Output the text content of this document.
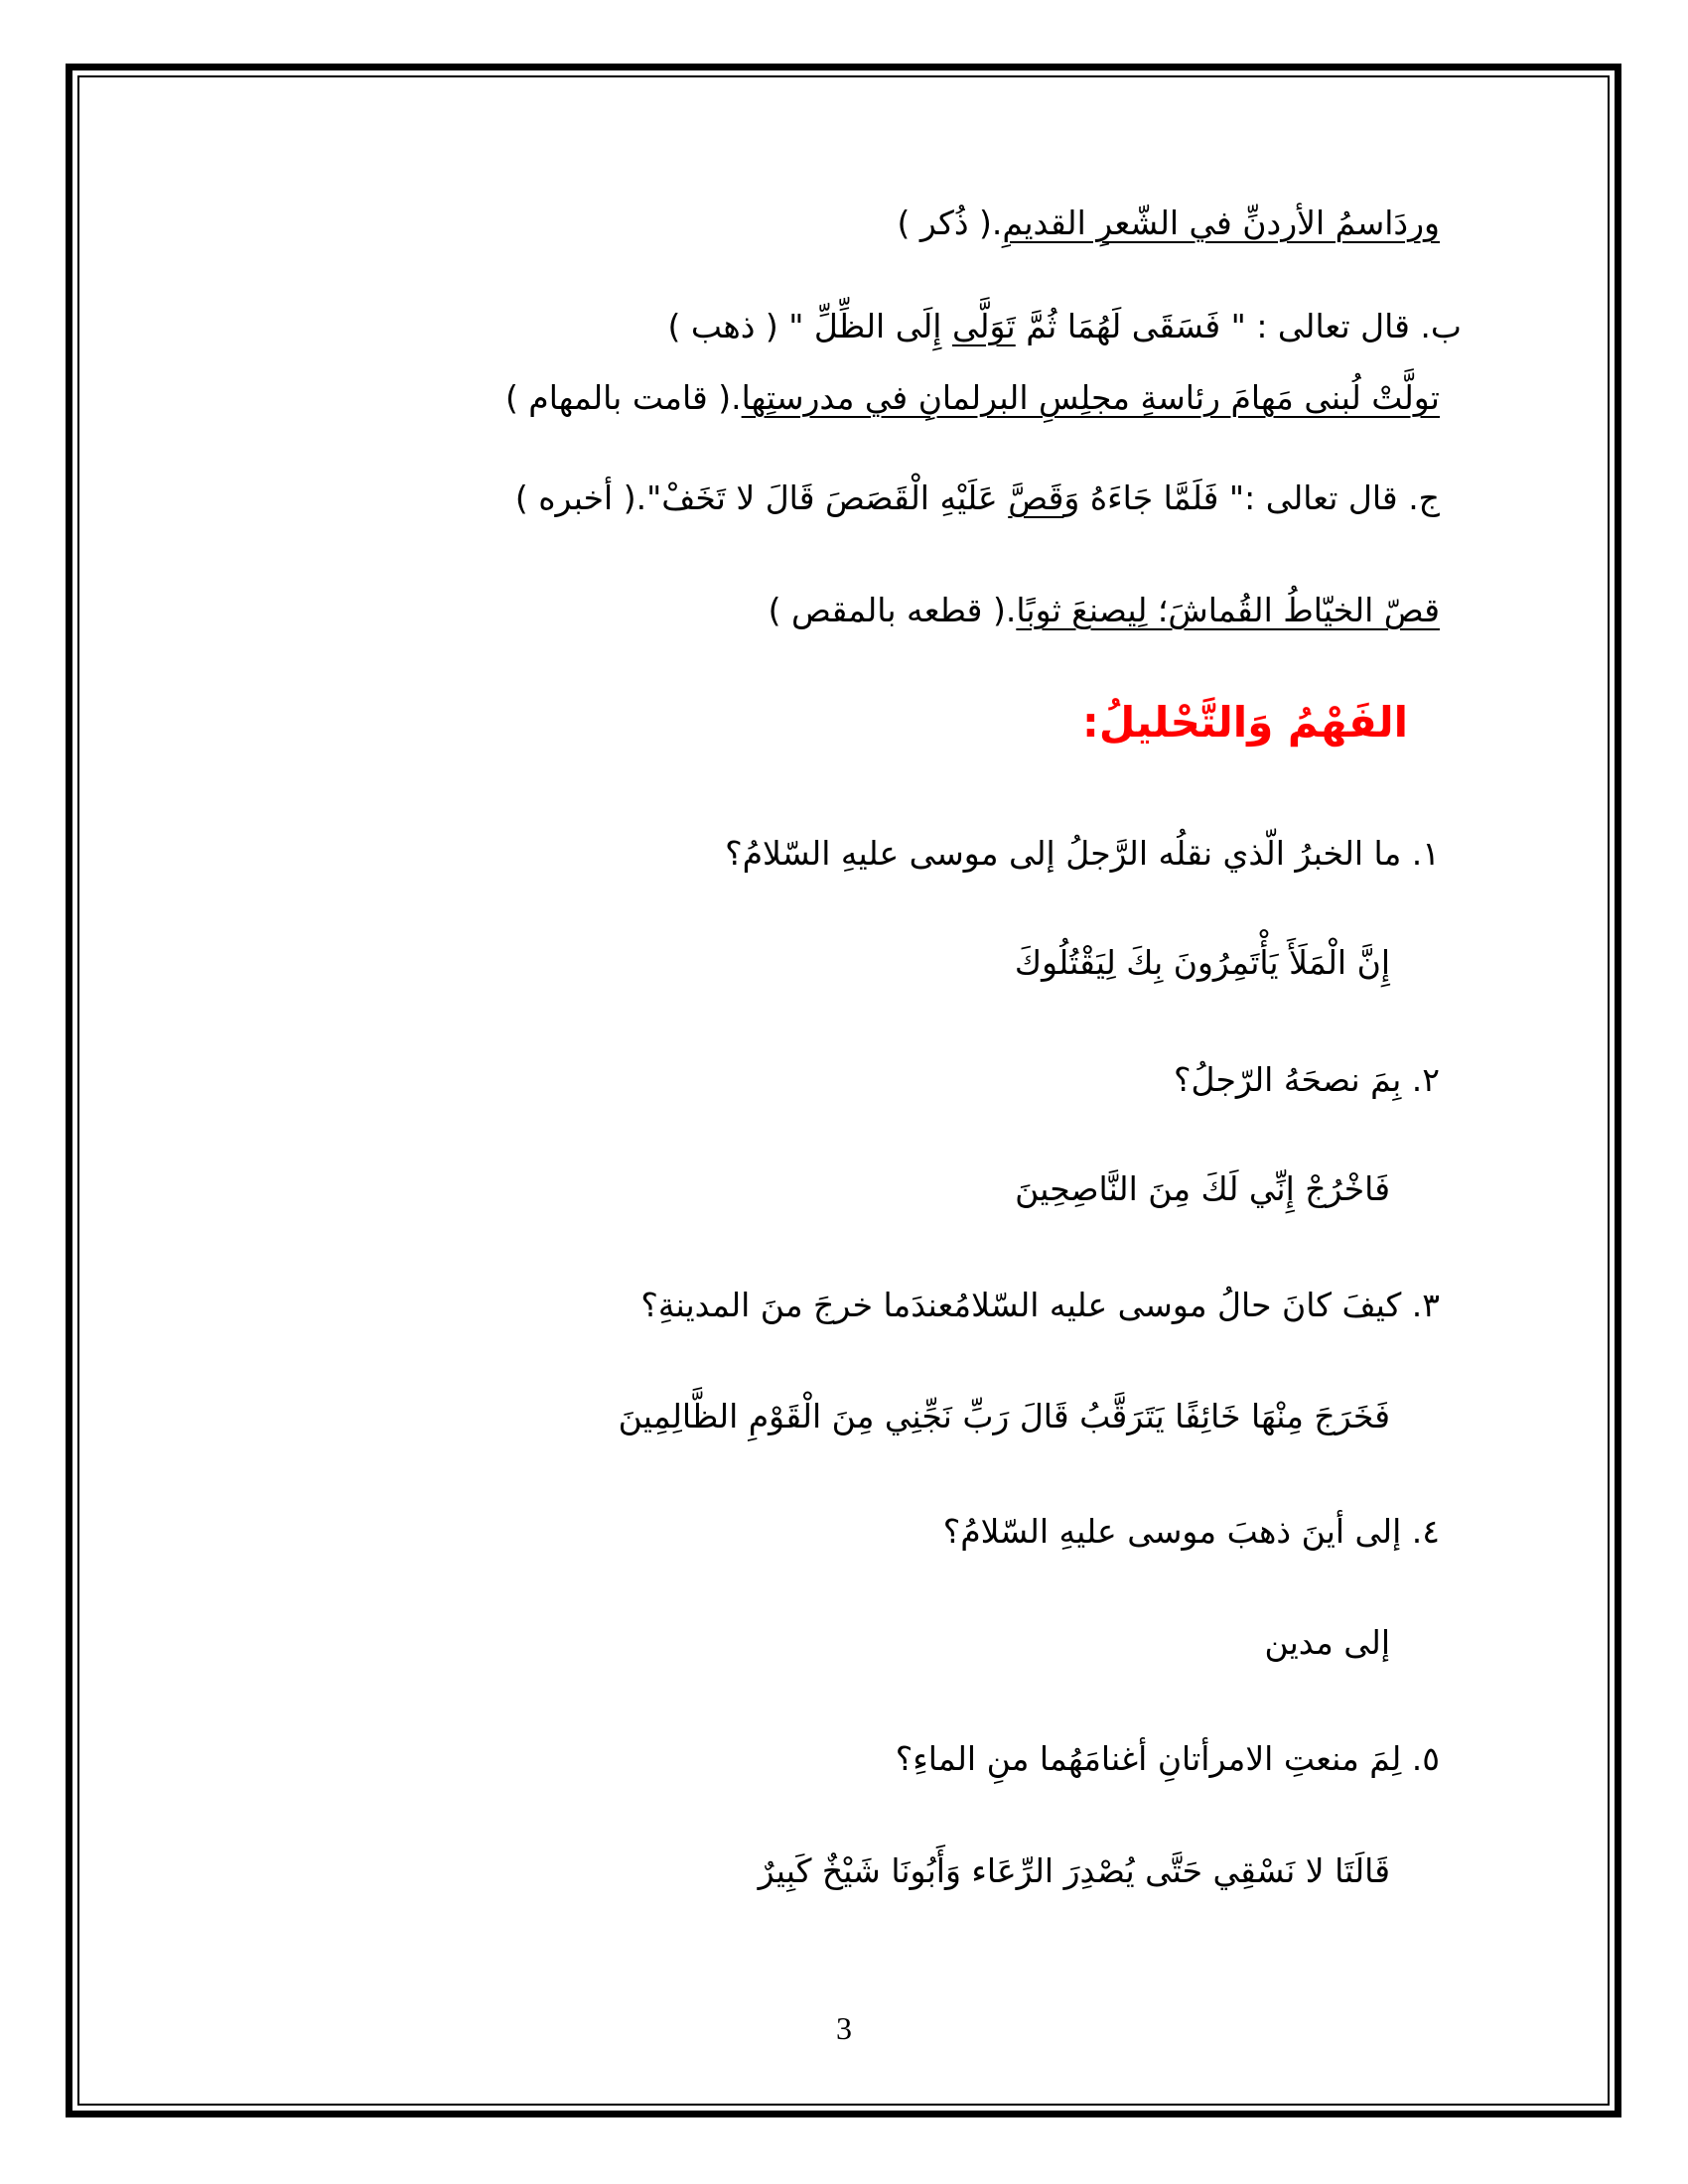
وردَاسمُ الأردنِّ في الشّعرِ القديمِ.( ذُكر )
ب. قال تعالى : " فَسَقَى لَهُمَا ثُمَّ تَوَلَّى إِلَى الظِّلِّ " ( ذهب )
تولَّتْ لُبنى مَهامَ رئاسةِ مجلِسِ البرلمانِ في مدرستِها.( قامت بالمهام )
ج. قال تعالى :" فَلَمَّا جَاءَهُ وَقَصَّ عَلَيْهِ الْقَصَصَ قَالَ لا تَخَفْ".( أخبره )
قصّ الخيّاطُ القُماشَ؛ لِيصنعَ ثوبًا.( قطعه بالمقص )
الفَهْمُ وَالتَّحْليلُ:
١. ما الخبرُ الّذي نقلُه الرَّجلُ إلى موسى عليهِ السّلامُ؟
إِنَّ الْمَلَأَ يَأْتَمِرُونَ بِكَ لِيَقْتُلُوكَ
٢. بِمَ نصحَهُ الرّجلُ؟
فَاخْرُجْ إِنِّي لَكَ مِنَ النَّاصِحِينَ
٣. كيفَ كانَ حالُ موسى عليه السّلامُعندَما خرجَ منَ المدينةِ؟
فَخَرَجَ مِنْهَا خَائِفًا يَتَرَقَّبُ قَالَ رَبِّ نَجِّنِي مِنَ الْقَوْمِ الظَّالِمِينَ
٤. إلى أينَ ذهبَ موسى عليهِ السّلامُ؟
إلى مدين
٥. لِمَ منعتِ الامرأتانِ أغنامَهُما منِ الماءِ؟
قَالَتَا لا نَسْقِي حَتَّى يُصْدِرَ الرِّعَاء وَأَبُونَا شَيْخٌ كَبِيرٌ
3
